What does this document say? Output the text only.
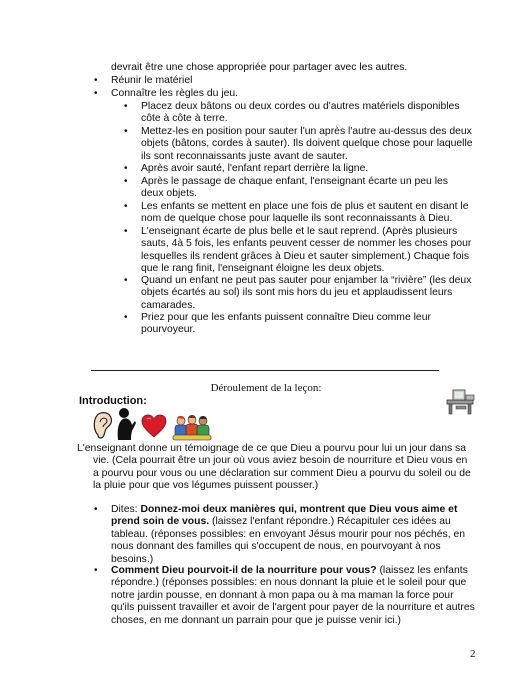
devrait être une chose appropriée pour partager avec les autres.

• Réunir le matériel

• Connaître les règles du jeu.

• Placez deux bâtons ou deux cordes ou d'autres matériels disponibles côte à côte à terre.

• Mettez-les en position pour sauter l'un après l'autre au-dessus des deux objets (bâtons, cordes à sauter). Ils doivent quelque chose pour laquelle ils sont reconnaissants juste avant de sauter.

• Après avoir sauté, l'enfant repart derrière la ligne.

• Après le passage de chaque enfant, l'enseignant écarte un peu les deux objets.

• Les enfants se mettent en place une fois de plus et sautent en disant le nom de quelque chose pour laquelle ils sont reconnaissants à Dieu.

• L'enseignant écarte de plus belle et le saut reprend. (Après plusieurs sauts, 4à 5 fois, les enfants peuvent cesser de nommer les choses pour lesquelles ils rendent grâces à Dieu et sauter simplement.) Chaque fois que le rang finit, l'enseignant éloigne les deux objets.

• Quand un enfant ne peut pas sauter pour enjamber la “rivière” (les deux objets écartés au sol) ils sont mis hors du jeu et applaudissent leurs camarades.

• Priez pour que les enfants puissent connaître Dieu comme leur pourvoyeur.

Déroulement de la leçon:

Introduction:

L'enseignant donne un témoignage de ce que Dieu a pourvu pour lui un jour dans sa vie. (Cela pourrait être un jour où vous aviez besoin de nourriture et Dieu vous en a pourvu pour vous ou une déclaration sur comment Dieu a pourvu du soleil ou de la pluie pour que vos légumes puissent pousser.)

• Dites: Donnez-moi deux manières qui, montrent que Dieu vous aime et prend soin de vous. (laissez l'enfant répondre.) Récapituler ces idées au tableau. (réponses possibles: en envoyant Jésus mourir pour nos péchés, en nous donnant des familles qui s'occupent de nous, en pourvoyant à nos besoins.)

• Comment Dieu pourvoit-il de la nourriture pour vous? (laissez les enfants répondre.) (réponses possibles: en nous donnant la pluie et le soleil pour que notre jardin pousse, en donnant à mon papa ou à ma maman la force pour qu'ils puissent travailler et avoir de l'argent pour payer de la nourriture et autres choses, en me donnant un parrain pour que je puisse venir ici.)

2
